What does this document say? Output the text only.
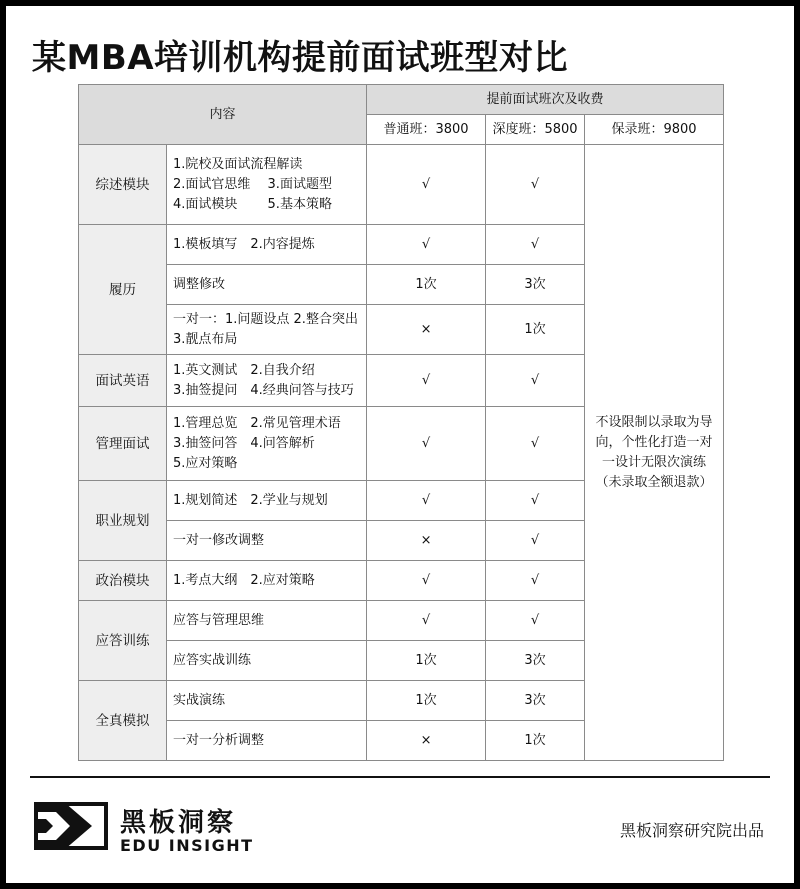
某MBA培训机构提前面试班型对比
内容		提前面试班次及收费		
		普通班：3800	深度班：5800	保录班：9800
综述模块	1.院校及面试流程解读
2.面试官思维　 3.面试题型
4.面试模块　　 5.基本策略	√	√	不设限制以录取为导向，个性化打造一对一设计无限次演练（未录取全额退款）
履历	1.模板填写　2.内容提炼	√	√	
	调整修改	1次	3次	
	一对一：1.问题设点 2.整合突出
3.靓点布局	×	1次	
面试英语	1.英文测试　2.自我介绍
3.抽签提问　4.经典问答与技巧	√	√	
管理面试	1.管理总览　2.常见管理术语
3.抽签问答　4.问答解析
5.应对策略	√	√	
职业规划	1.规划简述　2.学业与规划	√	√	
	一对一修改调整	×	√	
政治模块	1.考点大纲　2.应对策略	√	√	
应答训练	应答与管理思维	√	√	
	应答实战训练	1次	3次	
全真模拟	实战演练	1次	3次	
	一对一分析调整	×	1次	
黑板洞察
EDU INSIGHT
黑板洞察研究院出品
